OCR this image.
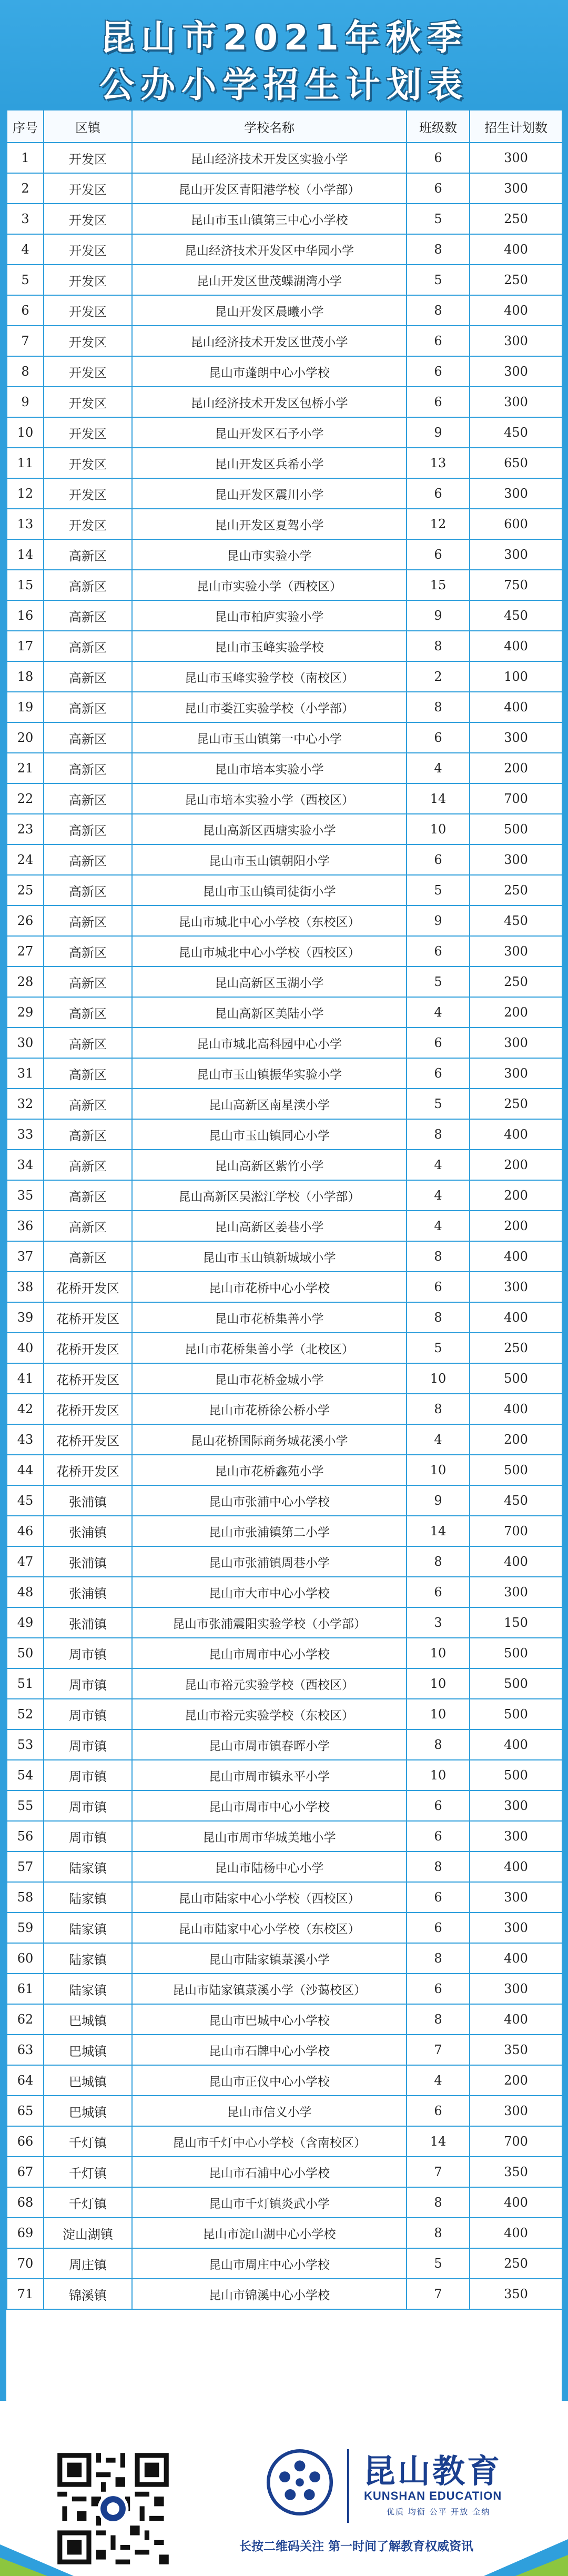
昆山市2021年秋季
公办小学招生计划表
序号	区镇	学校名称	班级数	招生计划数
1	开发区	昆山经济技术开发区实验小学	6	300
2	开发区	昆山开发区青阳港学校（小学部）	6	300
3	开发区	昆山市玉山镇第三中心小学校	5	250
4	开发区	昆山经济技术开发区中华园小学	8	400
5	开发区	昆山开发区世茂蝶湖湾小学	5	250
6	开发区	昆山开发区晨曦小学	8	400
7	开发区	昆山经济技术开发区世茂小学	6	300
8	开发区	昆山市蓬朗中心小学校	6	300
9	开发区	昆山经济技术开发区包桥小学	6	300
10	开发区	昆山开发区石予小学	9	450
11	开发区	昆山开发区兵希小学	13	650
12	开发区	昆山开发区震川小学	6	300
13	开发区	昆山开发区夏驾小学	12	600
14	高新区	昆山市实验小学	6	300
15	高新区	昆山市实验小学（西校区）	15	750
16	高新区	昆山市柏庐实验小学	9	450
17	高新区	昆山市玉峰实验学校	8	400
18	高新区	昆山市玉峰实验学校（南校区）	2	100
19	高新区	昆山市娄江实验学校（小学部）	8	400
20	高新区	昆山市玉山镇第一中心小学	6	300
21	高新区	昆山市培本实验小学	4	200
22	高新区	昆山市培本实验小学（西校区）	14	700
23	高新区	昆山高新区西塘实验小学	10	500
24	高新区	昆山市玉山镇朝阳小学	6	300
25	高新区	昆山市玉山镇司徒街小学	5	250
26	高新区	昆山市城北中心小学校（东校区）	9	450
27	高新区	昆山市城北中心小学校（西校区）	6	300
28	高新区	昆山高新区玉湖小学	5	250
29	高新区	昆山高新区美陆小学	4	200
30	高新区	昆山市城北高科园中心小学	6	300
31	高新区	昆山市玉山镇振华实验小学	6	300
32	高新区	昆山高新区南星渎小学	5	250
33	高新区	昆山市玉山镇同心小学	8	400
34	高新区	昆山高新区紫竹小学	4	200
35	高新区	昆山高新区吴淞江学校（小学部）	4	200
36	高新区	昆山高新区姜巷小学	4	200
37	高新区	昆山市玉山镇新城域小学	8	400
38	花桥开发区	昆山市花桥中心小学校	6	300
39	花桥开发区	昆山市花桥集善小学	8	400
40	花桥开发区	昆山市花桥集善小学（北校区）	5	250
41	花桥开发区	昆山市花桥金城小学	10	500
42	花桥开发区	昆山市花桥徐公桥小学	8	400
43	花桥开发区	昆山花桥国际商务城花溪小学	4	200
44	花桥开发区	昆山市花桥鑫苑小学	10	500
45	张浦镇	昆山市张浦中心小学校	9	450
46	张浦镇	昆山市张浦镇第二小学	14	700
47	张浦镇	昆山市张浦镇周巷小学	8	400
48	张浦镇	昆山市大市中心小学校	6	300
49	张浦镇	昆山市张浦震阳实验学校（小学部）	3	150
50	周市镇	昆山市周市中心小学校	10	500
51	周市镇	昆山市裕元实验学校（西校区）	10	500
52	周市镇	昆山市裕元实验学校（东校区）	10	500
53	周市镇	昆山市周市镇春晖小学	8	400
54	周市镇	昆山市周市镇永平小学	10	500
55	周市镇	昆山市周市中心小学校	6	300
56	周市镇	昆山市周市华城美地小学	6	300
57	陆家镇	昆山市陆杨中心小学	8	400
58	陆家镇	昆山市陆家中心小学校（西校区）	6	300
59	陆家镇	昆山市陆家中心小学校（东校区）	6	300
60	陆家镇	昆山市陆家镇菉溪小学	8	400
61	陆家镇	昆山市陆家镇菉溪小学（沙蔼校区）	6	300
62	巴城镇	昆山市巴城中心小学校	8	400
63	巴城镇	昆山市石牌中心小学校	7	350
64	巴城镇	昆山市正仪中心小学校	4	200
65	巴城镇	昆山市信义小学	6	300
66	千灯镇	昆山市千灯中心小学校（含南校区）	14	700
67	千灯镇	昆山市石浦中心小学校	7	350
68	千灯镇	昆山市千灯镇炎武小学	8	400
69	淀山湖镇	昆山市淀山湖中心小学校	8	400
70	周庄镇	昆山市周庄中心小学校	5	250
71	锦溪镇	昆山市锦溪中心小学校	7	350
昆山教育
KUNSHAN EDUCATION
优质 均衡 公平 开放 全纳
长按二维码关注 第一时间了解教育权威资讯
